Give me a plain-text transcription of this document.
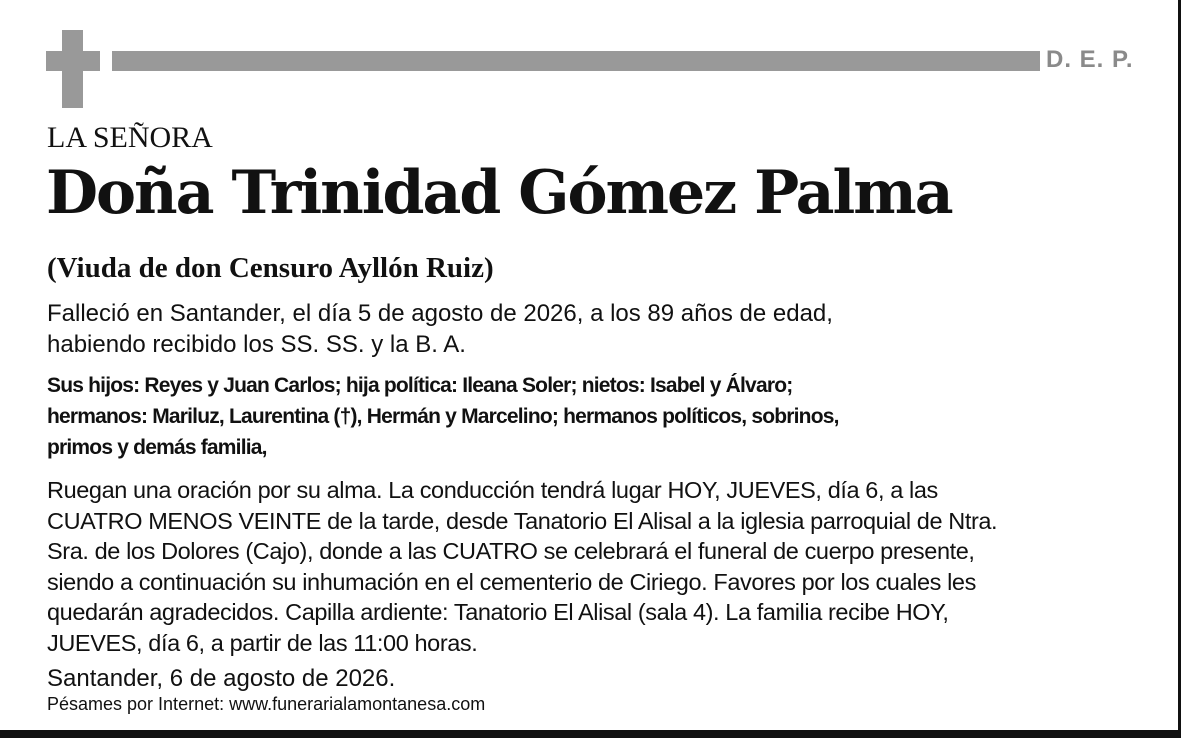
D. E. P.
LA SEÑORA
Doña Trinidad Gómez Palma
(Viuda de don Censuro Ayllón Ruiz)

Falleció en Santander, el día 5 de agosto de 2026, a los 89 años de edad,
habiendo recibido los SS. SS. y la B. A.

Sus hijos: Reyes y Juan Carlos; hija política: Ileana Soler; nietos: Isabel y Álvaro;
hermanos: Mariluz, Laurentina (†), Hermán y Marcelino; hermanos políticos, sobrinos,
primos y demás familia,

Ruegan una oración por su alma. La conducción tendrá lugar HOY, JUEVES, día 6, a las
CUATRO MENOS VEINTE de la tarde, desde Tanatorio El Alisal a la iglesia parroquial de Ntra.
Sra. de los Dolores (Cajo), donde a las CUATRO se celebrará el funeral de cuerpo presente,
siendo a continuación su inhumación en el cementerio de Ciriego. Favores por los cuales les
quedarán agradecidos. Capilla ardiente: Tanatorio El Alisal (sala 4). La familia recibe HOY,
JUEVES, día 6, a partir de las 11:00 horas.

Santander, 6 de agosto de 2026.

Pésames por Internet: www.funerarialamontanesa.com
